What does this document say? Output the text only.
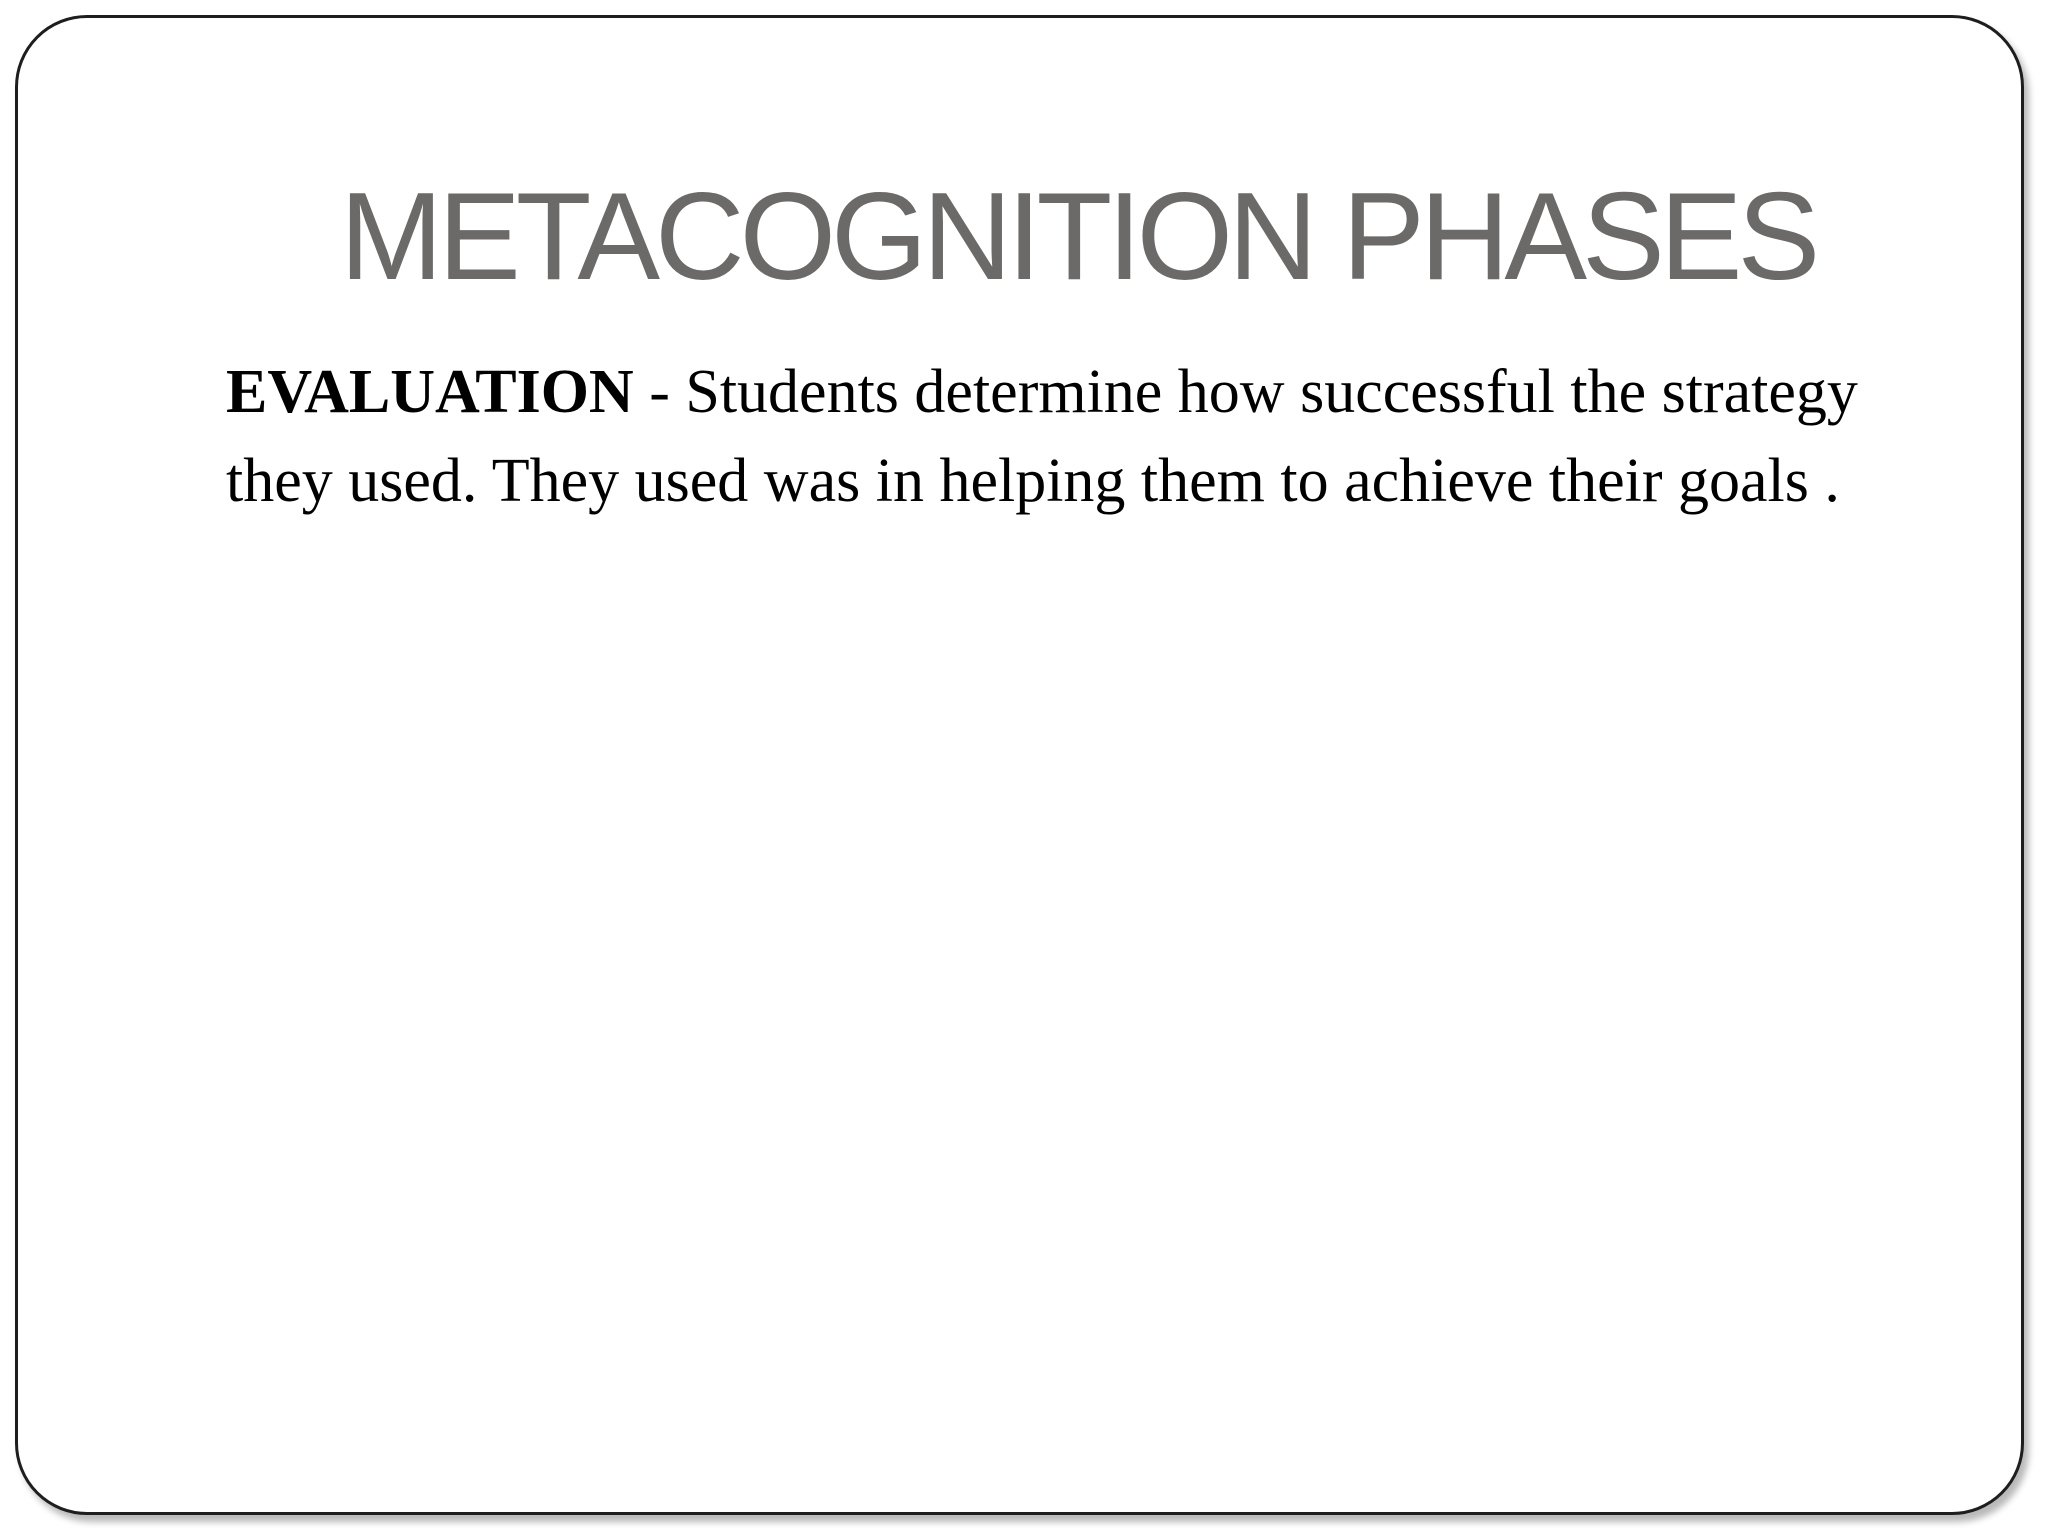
METACOGNITION PHASES

EVALUATION - Students determine how successful the strategy they used. They used was in helping them to achieve their goals .
